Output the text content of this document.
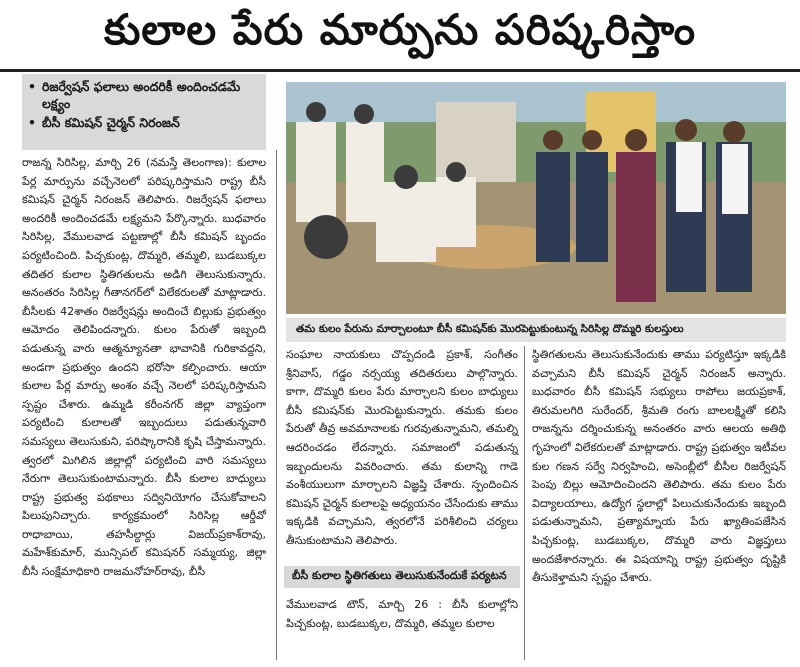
కులాల పేరు మార్పును పరిష్కరిస్తాం
• రిజర్వేషన్ ఫలాలు అందరికీ అందించడమే లక్ష్యం
• బీసీ కమిషన్ చైర్మన్ నిరంజన్

రాజన్న సిరిసిల్ల, మార్చి 26 (నమస్తే తెలంగాణ): కులాల పేర్ల మార్పును వచ్చేనెలలో పరిష్కరిస్తామని రాష్ట్ర బీసీ కమిషన్ చైర్మన్ నిరంజన్ తెలిపారు. రిజర్వేషన్ ఫలాలు అందరికీ అందించడమే లక్ష్యమని పేర్కొన్నారు. బుధవారం సిరిసిల్ల, వేములవాడ పట్టణాల్లో బీసీ కమిషన్ బృందం పర్యటించింది. పిచ్చకుంట్ల, దొమ్మరి, తమ్మలి, బుడబుక్కల తదితర కులాల స్థితిగతులను అడిగి తెలుసుకున్నారు. అనంతరం సిరిసిల్ల గీతానగర్‌లో విలేకరులతో మాట్లాడారు. బీసీలకు 42శాతం రిజర్వేషన్లు అందించే బిల్లుకు ప్రభుత్వం ఆమోదం తెలిపిందన్నారు. కులం పేరుతో ఇబ్బంది పడుతున్న వారు ఆత్మన్యూనతా భావానికి గురికావద్దని, అండగా ప్రభుత్వం ఉందని భరోసా కల్పించారు. ఆయా కులాల పేర్ల మార్పు అంశం వచ్చే నెలలో పరిష్కరిస్తామని స్పష్టం చేశారు. ఉమ్మడి కరీంనగర్ జిల్లా వ్యాప్తంగా పర్యటించి కులాలతో ఇబ్బందులు పడుతున్నవారి సమస్యలు తెలుసుకుని, పరిష్కారానికి కృషి చేస్తామన్నారు. త్వరలో మిగిలిన జిల్లాల్లో పర్యటించి వారి సమస్యలు నేరుగా తెలుసుకుంటామన్నారు. బీసీ కులాల బాధ్యులు రాష్ట్ర ప్రభుత్వ పథకాలు సద్వినియోగం చేసుకోవాలని పిలుపునిచ్చారు. కార్యక్రమంలో సిరిసిల్ల ఆర్డీవో రాధాబాయి, తహసీల్దార్లు విజయ్‌ప్రకాశ్‌రావు, మహేశ్‌కుమార్, మున్సిపల్ కమిషనర్ సమ్మయ్య, జిల్లా బీసీ సంక్షేమాధికారి రాజమనోహర్‌రావు, బీసీ

తమ కులం పేరును మార్చాలంటూ బీసీ కమిషన్‌కు మొరపెట్టుకుంటున్న సిరిసిల్ల దొమ్మరి కులస్తులు

సంఘాల నాయకులు చొప్పదండి ప్రకాశ్, సంగీతం శ్రీనివాస్, గడ్డం నర్సయ్య తదితరులు పాల్గొన్నారు. కాగా, దొమ్మరి కులం పేరు మార్చాలని కులం బాధ్యులు బీసీ కమిషన్‌కు మొరపెట్టుకున్నారు. తమకు కులం పేరుతో తీవ్ర అవమానాలకు గురవుతున్నామని, తమల్ని ఆదరించడం లేదన్నారు. సమాజంలో పడుతున్న ఇబ్బందులను వివరించారు. తమ కులాన్ని గాడె వంశీయులుగా మార్చాలని విజ్ఞప్తి చేశారు. స్పందించిన కమిషన్ చైర్మన్ కులాలపై అధ్యయనం చేసేందుకు తాము ఇక్కడికి వచ్చామని, త్వరలోనే పరిశీలించి చర్యలు తీసుకుంటామని తెలిపారు.

స్థితిగతులను తెలుసుకునేందుకు తాము పర్యటిస్తూ ఇక్కడికి వచ్చామని బీసీ కమిషన్ చైర్మన్ నిరంజన్ అన్నారు. బుధవారం బీసీ కమిషన్ సభ్యులు రాపోలు జయప్రకాశ్, తిరుమలగిరి సురేందర్, శ్రీమతి రంగు బాలలక్ష్మితో కలిసి రాజన్నను దర్శించుకున్న అనంతరం వారు ఆలయ అతిథి గృహంలో విలేకరులతో మాట్లాడారు. రాష్ట్ర ప్రభుత్వం ఇటీవల కుల గణన సర్వే నిర్వహించి, అసెంబ్లీలో బీసీల రిజర్వేషన్ పెంపు బిల్లు ఆమోదించిందని తెలిపారు. తమ కులం పేరు విద్యాలయాలు, ఉద్యోగ స్థలాల్లో పిలుచుకునేందుకు ఇబ్బంది పడుతున్నామని, ప్రత్యామ్నాయ పేరు ఖ్యాతింపజేసిన పిచ్చకుంట్ల, బుడబుక్కల, దొమ్మరి వారు విజ్ఞప్తులు అందజేశారన్నారు. ఈ విషయాన్ని రాష్ట్ర ప్రభుత్వం దృష్టికి తీసుకెళ్తామని స్పష్టం చేశారు.

బీసీ కులాల స్థితిగతులు తెలుసుకునేందుకే పర్యటన

వేములవాడ టౌన్, మార్చి 26 : బీసీ కులాల్లోని పిచ్చకుంట్ల, బుడబుక్కల, దొమ్మరి, తమ్మల కులాల
